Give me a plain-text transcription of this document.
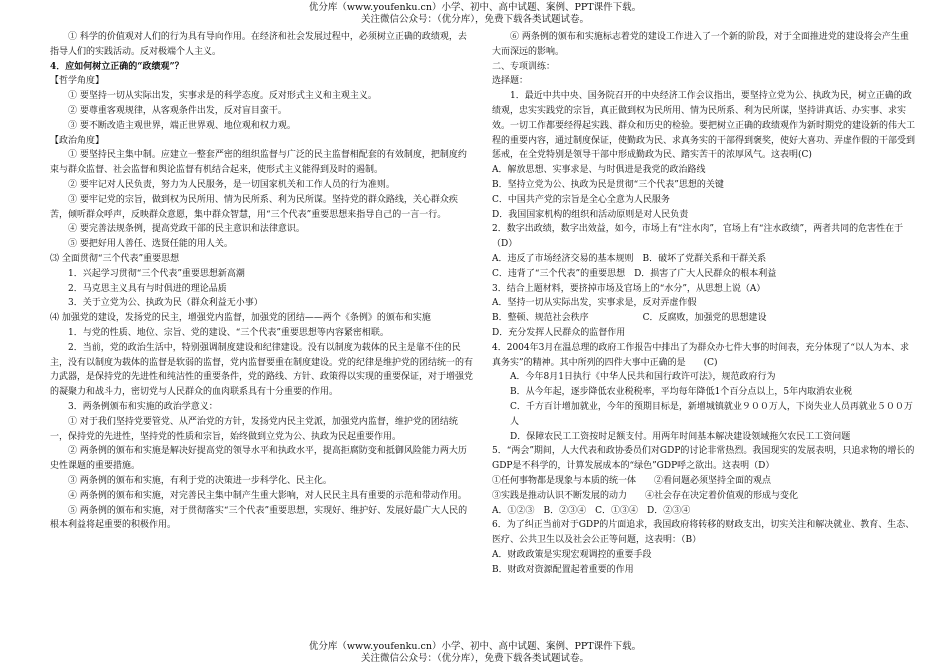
优分库（www.youfenku.cn）小学、初中、高中试题、案例、PPT课件下载。
关注微信公众号：（优分库），免费下载各类试题试卷。
① 科学的价值观对人们的行为具有导向作用。在经济和社会发展过程中，必须树立正确的政绩观，去指导人们的实践活动。反对极端个人主义。
4．应如何树立正确的“政绩观”？
【哲学角度】
① 要坚持一切从实际出发，实事求是的科学态度。反对形式主义和主观主义。
② 要尊重客观规律，从客观条件出发，反对盲目蛮干。
③ 要不断改造主观世界，端正世界观、地位观和权力观。
【政治角度】
① 要坚持民主集中制。应建立一整套严密的组织监督与广泛的民主监督相配套的有效制度，把制度约束与群众监督、社会监督和舆论监督有机结合起来，使形式主义能得到及时的遏制。
② 要牢记对人民负责，努力为人民服务，是一切国家机关和工作人员的行为准则。
③ 要牢记党的宗旨，做到权为民所用、情为民所系、利为民所谋。坚持党的群众路线，关心群众疾苦，倾听群众呼声，反映群众意愿，集中群众智慧，用“三个代表”重要思想来指导自己的一言一行。
④ 要完善法规条例，提高党政干部的民主意识和法律意识。
⑤ 要把好用人善任、选贤任能的用人关。
⑶ 全面贯彻“三个代表”重要思想
1．兴起学习贯彻“三个代表”重要思想新高潮
2．马克思主义具有与时俱进的理论品质
3．关于立党为公、执政为民（群众利益无小事）
⑷ 加强党的建设，发扬党的民主，增强党内监督，加强党的团结——两个《条例》的颁布和实施
1．与党的性质、地位、宗旨、党的建设、“三个代表”重要思想等内容紧密相联。
2．当前，党的政治生活中，特别强调制度建设和纪律建设。没有以制度为载体的民主是靠不住的民主，没有以制度为载体的监督是软弱的监督，党内监督要重在制度建设。党的纪律是维护党的团结统一的有力武器，是保持党的先进性和纯洁性的重要条件，党的路线、方针、政策得以实现的重要保证，对于增强党的凝聚力和战斗力，密切党与人民群众的血肉联系具有十分重要的作用。
3．两条例颁布和实施的政治学意义：
① 对于我们坚持党要管党、从严治党的方针，发扬党内民主党派，加强党内监督，维护党的团结统一，保持党的先进性，坚持党的性质和宗旨，始终做到立党为公、执政为民起重要作用。
② 两条例的颁布和实施是解决好提高党的领导水平和执政水平，提高拒腐防变和抵御风险能力两大历史性课题的重要措施。
③ 两条例的颁布和实施，有利于党的决策进一步科学化、民主化。
④ 两条例的颁布和实施，对完善民主集中制产生重大影响，对人民民主具有重要的示范和带动作用。
⑤ 两条例的颁布和实施，对于贯彻落实“三个代表”重要思想，实现好、维护好、发展好最广大人民的根本利益将起重要的积极作用。
⑥ 两条例的颁布和实施标志着党的建设工作进入了一个新的阶段，对于全面推进党的建设将会产生重大而深远的影响。
二、专项训练：
选择题：
1．最近中共中央、国务院召开的中央经济工作会议指出，要坚持立党为公、执政为民，树立正确的政绩观，忠实实践党的宗旨，真正做到权为民所用、情为民所系、利为民所谋，坚持讲真话、办实事、求实效。一切工作都要经得起实践、群众和历史的检验。要把树立正确的政绩观作为新时期党的建设新的伟大工程的重要内容，通过制度保证，使勤政为民、求真务实的干部得到褒奖，使好大喜功、弄虚作假的干部受到惩戒，在全党特别是领导干部中形成勤政为民、踏实苦干的浓厚风气。这表明(C)
A．解放思想、实事求是、与时俱进是我党的政治路线
B．坚持立党为公、执政为民是贯彻“三个代表”思想的关键
C．中国共产党的宗旨是全心全意为人民服务
D．我国国家机构的组织和活动原则是对人民负责
2．数字出政绩，数字出效益，如今，市场上有“注水肉”，官场上有“注水政绩”，两者共同的危害性在于（D）
A．违反了市场经济交易的基本规则　B．破坏了党群关系和干群关系
C．违背了“三个代表”的重要思想　D．损害了广大人民群众的根本利益
3．结合上题材料，要挤掉市场及官场上的“水分”，从思想上说（A）
A．坚持一切从实际出发，实事求是，反对弄虚作假
B．整顿、规范社会秩序　　　　　　C．反腐败，加强党的思想建设
D．充分发挥人民群众的监督作用
4．2004年3月在温总理的政府工作报告中排出了为群众办七件大事的时间表，充分体现了“以人为本、求真务实”的精神。其中所列的四件大事中正确的是　　(C)
A．今年8月1日执行《中华人民共和国行政许可法》，规范政府行为
B．从今年起，逐步降低农业税税率，平均每年降低1个百分点以上，5年内取消农业税
C．千方百计增加就业，今年的预期目标是，新增城镇就业９００万人，下岗失业人员再就业５００万人
D．保障农民工工资按时足额支付。用两年时间基本解决建设领域拖欠农民工工资问题
5．“两会”期间，人大代表和政协委员们对GDP的讨论非常热烈。我国现实的发展表明，只追求物的增长的GDP是不科学的，计算发展成本的“绿色”GDP呼之欲出。这表明（D）
①任何事物都是现象与本质的统一体　　②看问题必须坚持全面的观点
③实践是推动认识不断发展的动力　　④社会存在决定着价值观的形成与变化
A．①②③　B．②③④　C．①③④　D．②③④
6．为了纠正当前对于GDP的片面追求，我国政府将转移的财政支出，切实关注和解决就业、教育、生态、医疗、公共卫生以及社会公正等问题，这表明：（B）
A．财政政策是实现宏观调控的重要手段
B．财政对资源配置起着重要的作用
优分库（www.youfenku.cn）小学、初中、高中试题、案例、PPT课件下载。
关注微信公众号：（优分库），免费下载各类试题试卷。
